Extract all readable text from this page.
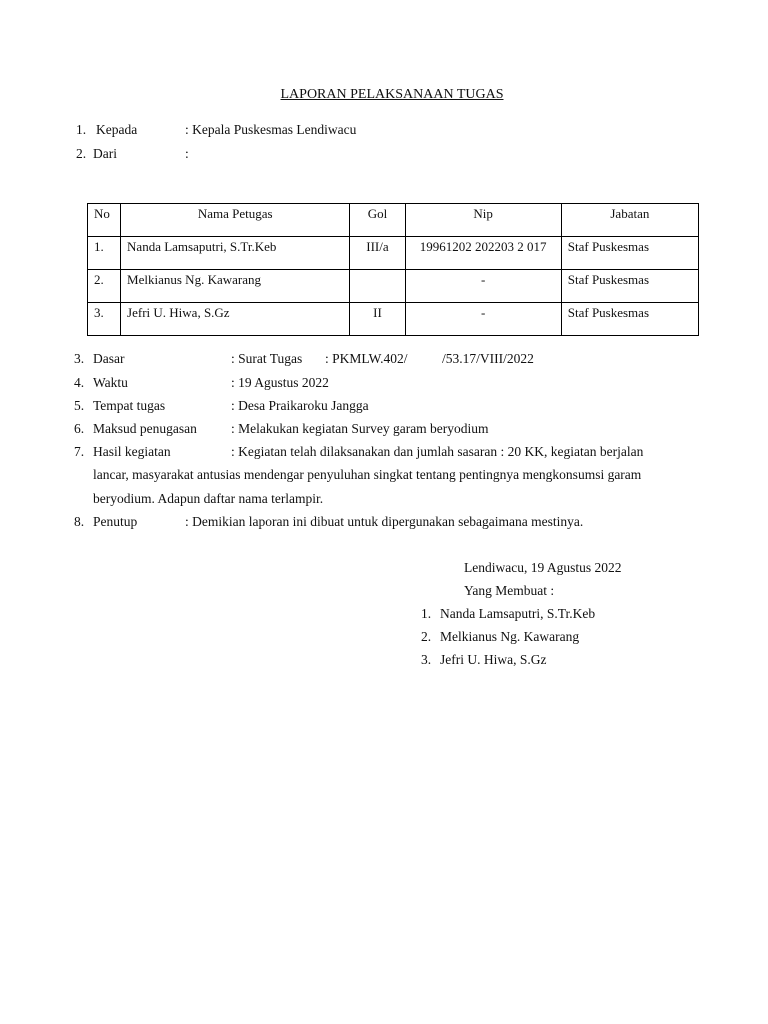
LAPORAN PELAKSANAAN TUGAS
1. Kepada	: Kepala Puskesmas Lendiwacu
2. Dari	:
No	Nama Petugas	Gol	Nip	Jabatan
1.	Nanda Lamsaputri, S.Tr.Keb	III/a	19961202 202203 2 017	Staf Puskesmas
2.	Melkianus Ng. Kawarang		-	Staf Puskesmas
3.	Jefri U. Hiwa, S.Gz	II	-	Staf Puskesmas
3. Dasar	: Surat Tugas : PKMLW.402/	/53.17/VIII/2022
4. Waktu	: 19 Agustus 2022
5. Tempat tugas	: Desa Praikaroku Jangga
6. Maksud penugasan	: Melakukan kegiatan Survey garam beryodium
7. Hasil kegiatan	: Kegiatan telah dilaksanakan dan jumlah sasaran : 20 KK, kegiatan berjalan
lancar, masyarakat antusias mendengar penyuluhan singkat tentang pentingnya mengkonsumsi garam
beryodium. Adapun daftar nama terlampir.
8. Penutup	: Demikian laporan ini dibuat untuk dipergunakan sebagaimana mestinya.
Lendiwacu, 19 Agustus 2022
Yang Membuat :
1. Nanda Lamsaputri, S.Tr.Keb
2. Melkianus Ng. Kawarang
3. Jefri U. Hiwa, S.Gz
